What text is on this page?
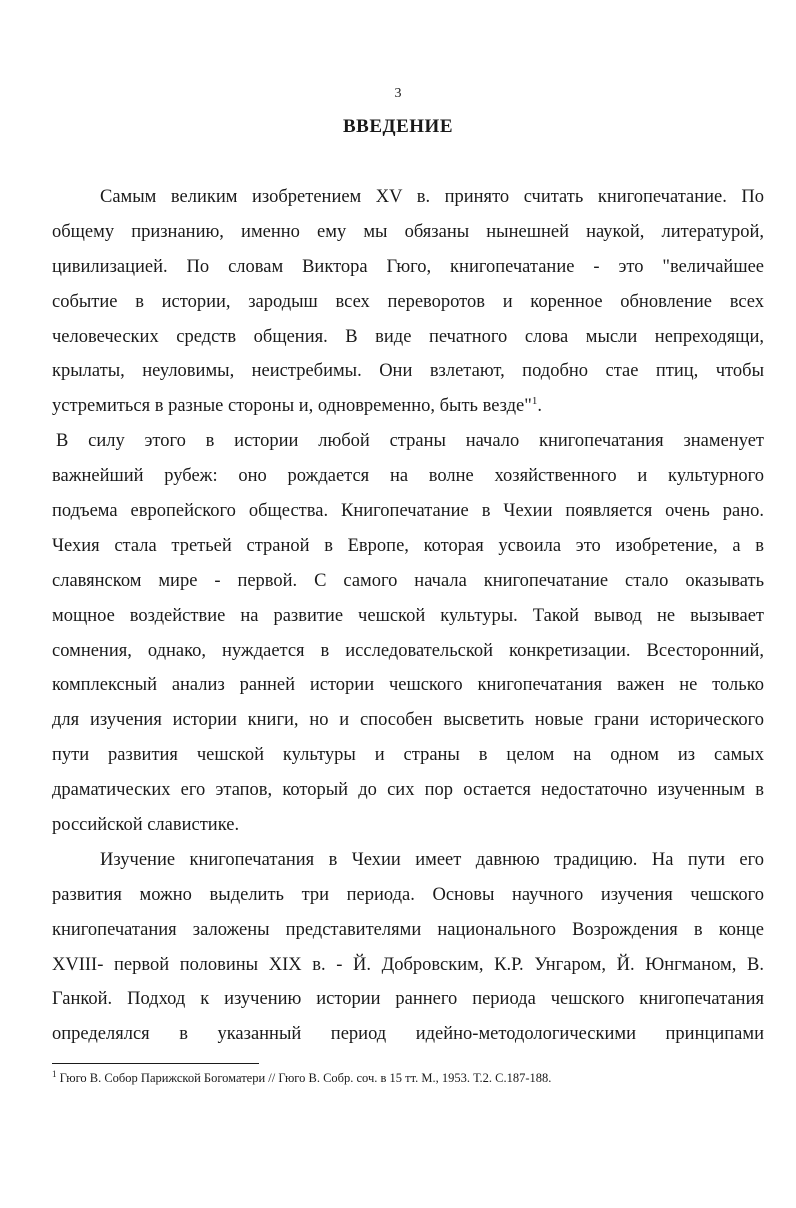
3
ВВЕДЕНИЕ
Самым великим изобретением XV в. принято считать книгопечатание. По
общему признанию, именно ему мы обязаны нынешней наукой, литературой,
цивилизацией. По словам Виктора Гюго, книгопечатание - это "величайшее
событие в истории, зародыш всех переворотов и коренное обновление всех
человеческих средств общения. В виде печатного слова мысли непреходящи,
крылаты, неуловимы, неистребимы. Они взлетают, подобно стае птиц, чтобы
устремиться в разные стороны и, одновременно, быть везде"$^1$.
В силу этого в истории любой страны начало книгопечатания знаменует
важнейший рубеж: оно рождается на волне хозяйственного и культурного
подъема европейского общества. Книгопечатание в Чехии появляется очень рано.
Чехия стала третьей страной в Европе, которая усвоила это изобретение, а в
славянском мире - первой. С самого начала книгопечатание стало оказывать
мощное воздействие на развитие чешской культуры. Такой вывод не вызывает
сомнения, однако, нуждается в исследовательской конкретизации. Всесторонний,
комплексный анализ ранней истории чешского книгопечатания важен не только
для изучения истории книги, но и способен высветить новые грани исторического
пути развития чешской культуры и страны в целом на одном из самых
драматических его этапов, который до сих пор остается недостаточно изученным в
российской славистике.
Изучение книгопечатания в Чехии имеет давнюю традицию. На пути его
развития можно выделить три периода. Основы научного изучения чешского
книгопечатания заложены представителями национального Возрождения в конце
XVIII- первой половины XIX в. - Й. Добровским, К.Р. Унгаром, Й. Юнгманом, В.
Ганкой. Подход к изучению истории раннего периода чешского книгопечатания
определялся в указанный период идейно-методологическими принципами
$^1$ Гюго В. Собор Парижской Богоматери // Гюго В. Собр. соч. в 15 тт. М., 1953. Т.2. С.187-188.
